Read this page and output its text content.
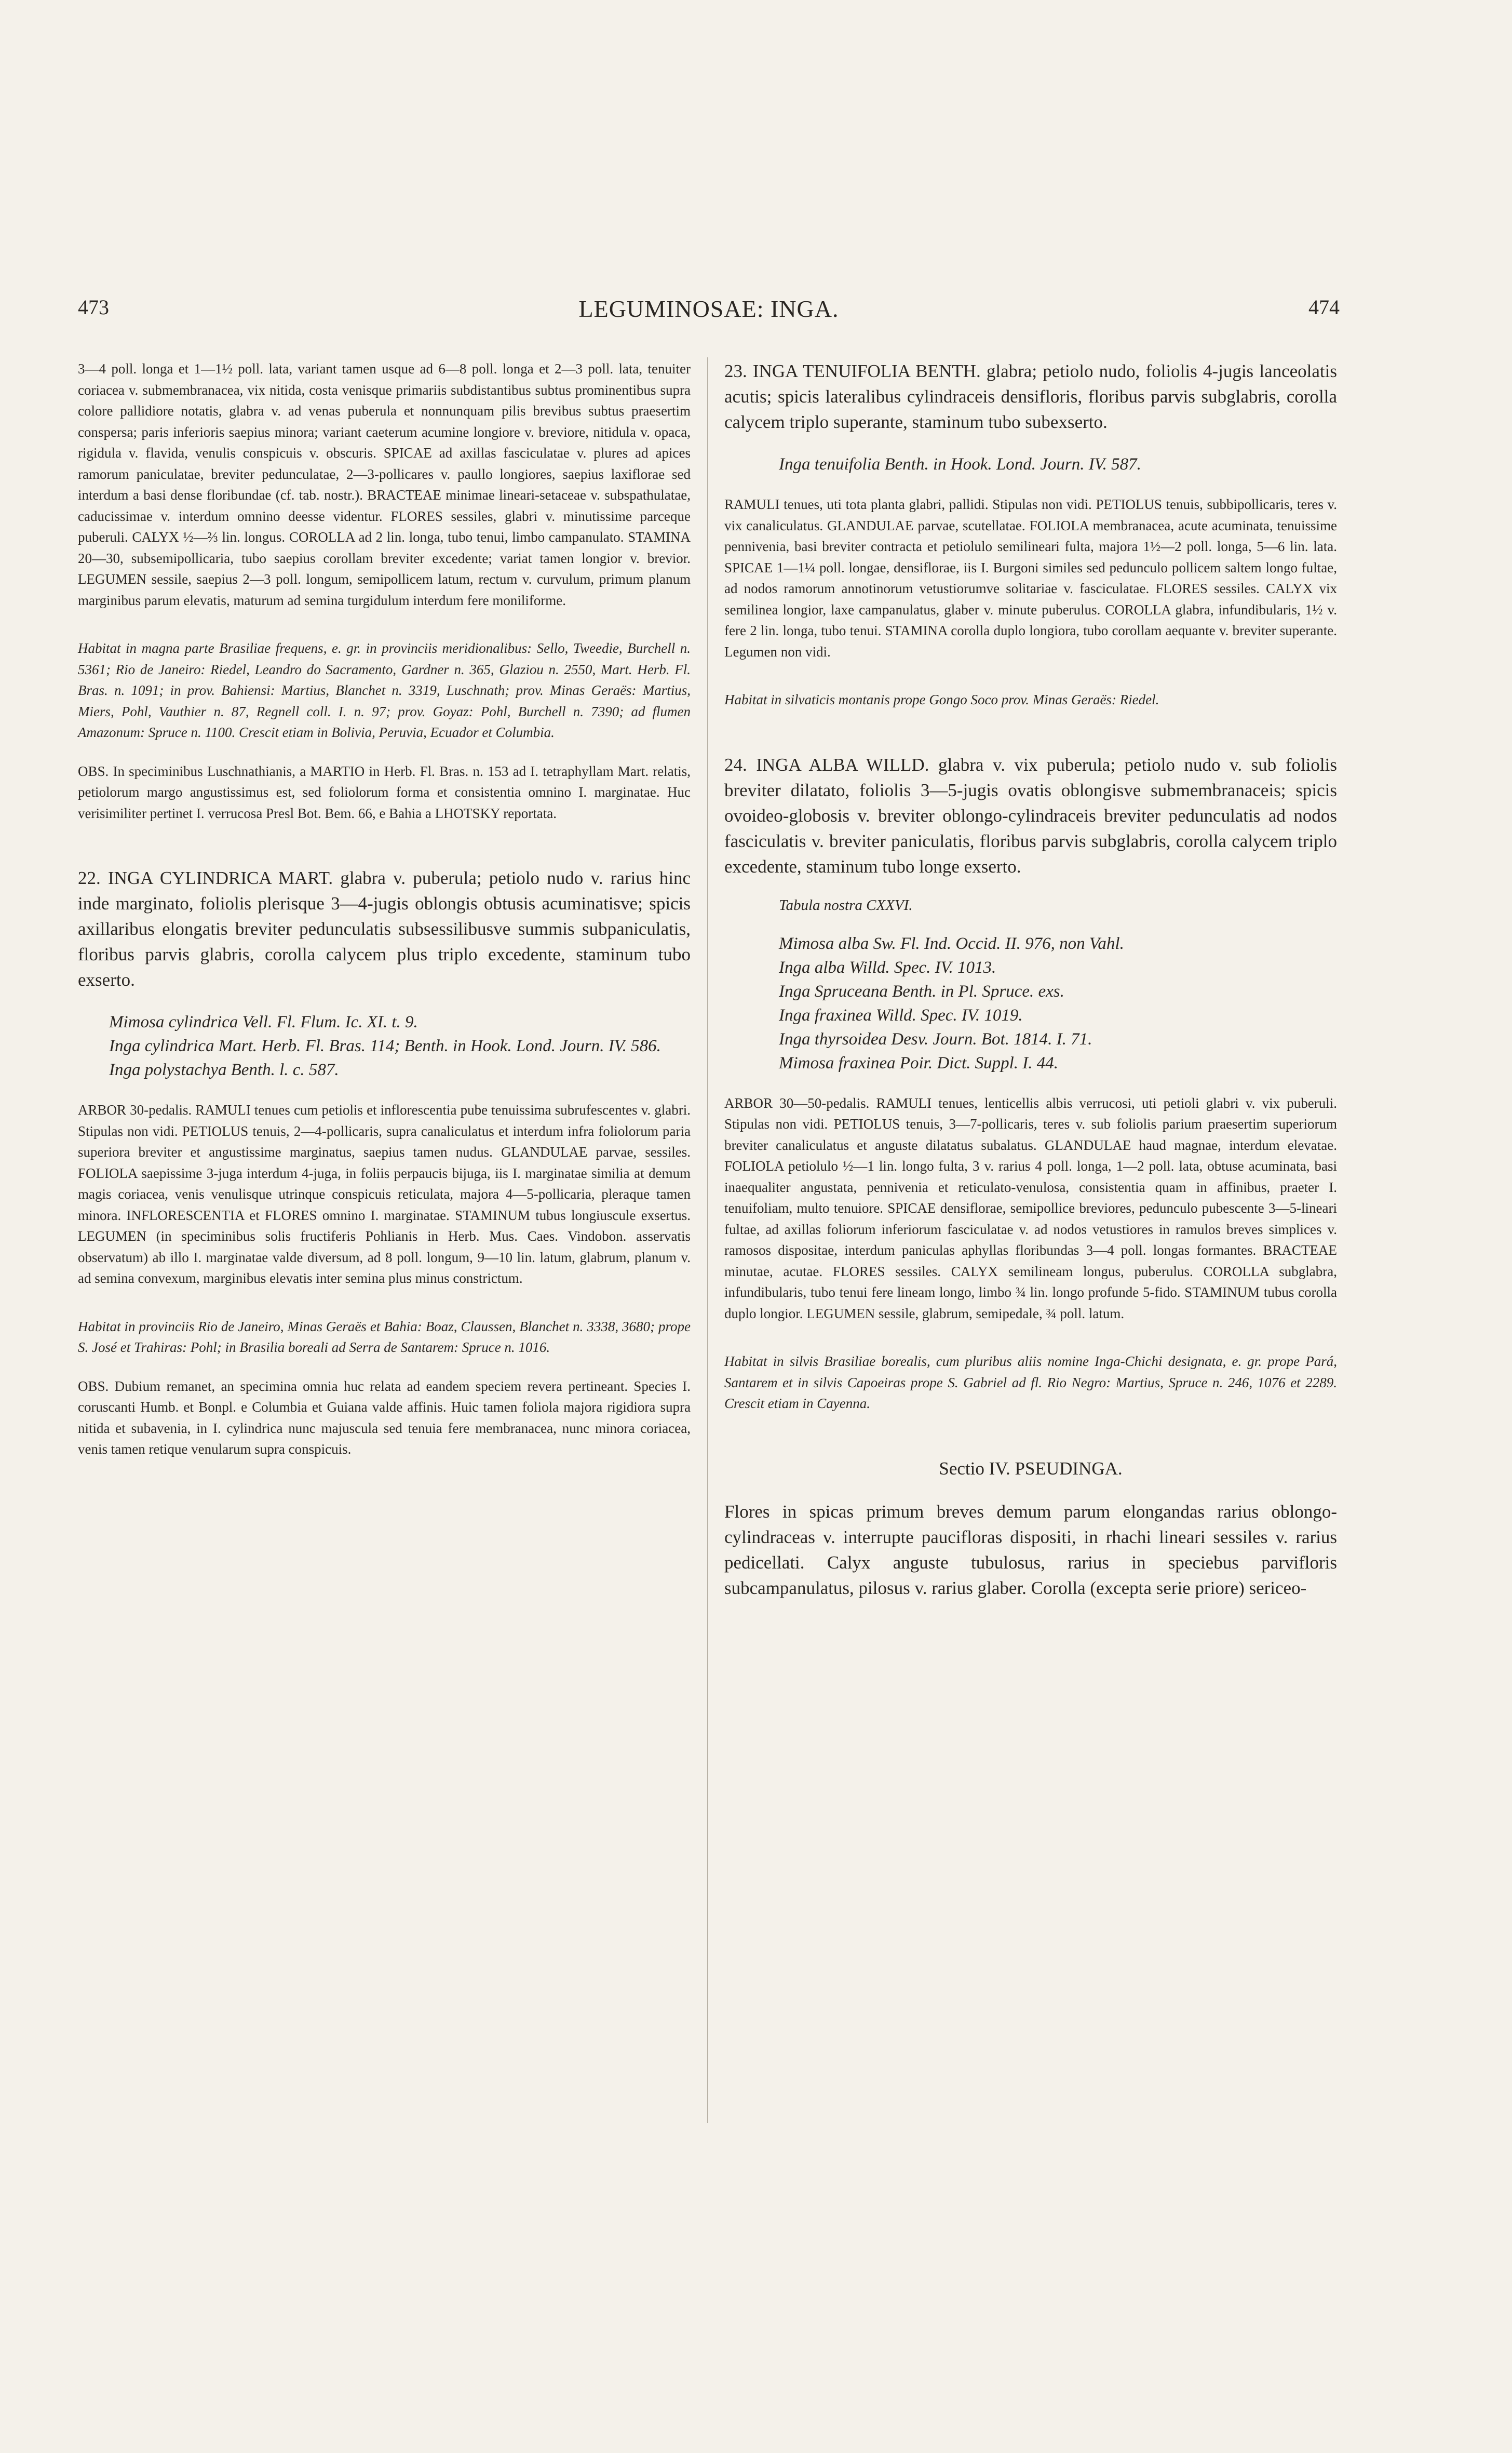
473	LEGUMINOSAE: INGA.	474

3—4 poll. longa et 1—1½ poll. lata, variant tamen usque ad 6—8 poll. longa et 2—3 poll. lata, tenuiter coriacea v. submembranacea, vix nitida, costa venisque primariis subdistantibus subtus prominentibus supra colore pallidiore notatis, glabra v. ad venas puberula et nonnunquam pilis brevibus subtus praesertim conspersa; paris inferioris saepius minora; variant caeterum acumine longiore v. breviore, nitidula v. opaca, rigidula v. flavida, venulis conspicuis v. obscuris. SPICAE ad axillas fasciculatae v. plures ad apices ramorum paniculatae, breviter pedunculatae, 2—3-pollicares v. paullo longiores, saepius laxiflorae sed interdum a basi dense floribundae (cf. tab. nostr.). BRACTEAE minimae lineari-setaceae v. subspathulatae, caducissimae v. interdum omnino deesse videntur. FLORES sessiles, glabri v. minutissime parceque puberuli. CALYX ½—⅔ lin. longus. COROLLA ad 2 lin. longa, tubo tenui, limbo campanulato. STAMINA 20—30, subsemipollicaria, tubo saepius corollam breviter excedente; variat tamen longior v. brevior. LEGUMEN sessile, saepius 2—3 poll. longum, semipollicem latum, rectum v. curvulum, primum planum marginibus parum elevatis, maturum ad semina turgidulum interdum fere moniliforme.

Habitat in magna parte Brasiliae frequens, e. gr. in provinciis meridionalibus: Sello, Tweedie, Burchell n. 5361; Rio de Janeiro: Riedel, Leandro do Sacramento, Gardner n. 365, Glaziou n. 2550, Mart. Herb. Fl. Bras. n. 1091; in prov. Bahiensi: Martius, Blanchet n. 3319, Luschnath; prov. Minas Geraës: Martius, Miers, Pohl, Vauthier n. 87, Regnell coll. I. n. 97; prov. Goyaz: Pohl, Burchell n. 7390; ad flumen Amazonum: Spruce n. 1100. Crescit etiam in Bolivia, Peruvia, Ecuador et Columbia.

OBS. In speciminibus Luschnathianis, a MARTIO in Herb. Fl. Bras. n. 153 ad I. tetraphyllam Mart. relatis, petiolorum margo angustissimus est, sed foliolorum forma et consistentia omnino I. marginatae. Huc verisimiliter pertinet I. verrucosa Presl Bot. Bem. 66, e Bahia a LHOTSKY reportata.

22. INGA CYLINDRICA MART. glabra v. puberula; petiolo nudo v. rarius hinc inde marginato, foliolis plerisque 3—4-jugis oblongis obtusis acuminatisve; spicis axillaribus elongatis breviter pedunculatis subsessilibusve summis subpaniculatis, floribus parvis glabris, corolla calycem plus triplo excedente, staminum tubo exserto.

Mimosa cylindrica Vell. Fl. Flum. Ic. XI. t. 9.

Inga cylindrica Mart. Herb. Fl. Bras. 114; Benth. in Hook. Lond. Journ. IV. 586.

Inga polystachya Benth. l. c. 587.

ARBOR 30-pedalis. RAMULI tenues cum petiolis et inflorescentia pube tenuissima subrufescentes v. glabri. Stipulas non vidi. PETIOLUS tenuis, 2—4-pollicaris, supra canaliculatus et interdum infra foliolorum paria superiora breviter et angustissime marginatus, saepius tamen nudus. GLANDULAE parvae, sessiles. FOLIOLA saepissime 3-juga interdum 4-juga, in foliis perpaucis bijuga, iis I. marginatae similia at demum magis coriacea, venis venulisque utrinque conspicuis reticulata, majora 4—5-pollicaria, pleraque tamen minora. INFLORESCENTIA et FLORES omnino I. marginatae. STAMINUM tubus longiuscule exsertus. LEGUMEN (in speciminibus solis fructiferis Pohlianis in Herb. Mus. Caes. Vindobon. asservatis observatum) ab illo I. marginatae valde diversum, ad 8 poll. longum, 9—10 lin. latum, glabrum, planum v. ad semina convexum, marginibus elevatis inter semina plus minus constrictum.

Habitat in provinciis Rio de Janeiro, Minas Geraës et Bahia: Boaz, Claussen, Blanchet n. 3338, 3680; prope S. José et Trahiras: Pohl; in Brasilia boreali ad Serra de Santarem: Spruce n. 1016.

OBS. Dubium remanet, an specimina omnia huc relata ad eandem speciem revera pertineant. Species I. coruscanti Humb. et Bonpl. e Columbia et Guiana valde affinis. Huic tamen foliola majora rigidiora supra nitida et subavenia, in I. cylindrica nunc majuscula sed tenuia fere membranacea, nunc minora coriacea, venis tamen retique venularum supra conspicuis.

23. INGA TENUIFOLIA BENTH. glabra; petiolo nudo, foliolis 4-jugis lanceolatis acutis; spicis lateralibus cylindraceis densifloris, floribus parvis subglabris, corolla calycem triplo superante, staminum tubo subexserto.

Inga tenuifolia Benth. in Hook. Lond. Journ. IV. 587.

RAMULI tenues, uti tota planta glabri, pallidi. Stipulas non vidi. PETIOLUS tenuis, subbipollicaris, teres v. vix canaliculatus. GLANDULAE parvae, scutellatae. FOLIOLA membranacea, acute acuminata, tenuissime pennivenia, basi breviter contracta et petiolulo semilineari fulta, majora 1½—2 poll. longa, 5—6 lin. lata. SPICAE 1—1¼ poll. longae, densiflorae, iis I. Burgoni similes sed pedunculo pollicem saltem longo fultae, ad nodos ramorum annotinorum vetustiorumve solitariae v. fasciculatae. FLORES sessiles. CALYX vix semilinea longior, laxe campanulatus, glaber v. minute puberulus. COROLLA glabra, infundibularis, 1½ v. fere 2 lin. longa, tubo tenui. STAMINA corolla duplo longiora, tubo corollam aequante v. breviter superante. Legumen non vidi.

Habitat in silvaticis montanis prope Gongo Soco prov. Minas Geraës: Riedel.

24. INGA ALBA WILLD. glabra v. vix puberula; petiolo nudo v. sub foliolis breviter dilatato, foliolis 3—5-jugis ovatis oblongisve submembranaceis; spicis ovoideo-globosis v. breviter oblongo-cylindraceis breviter pedunculatis ad nodos fasciculatis v. breviter paniculatis, floribus parvis subglabris, corolla calycem triplo excedente, staminum tubo longe exserto.

Tabula nostra CXXVI.

Mimosa alba Sw. Fl. Ind. Occid. II. 976, non Vahl.

Inga alba Willd. Spec. IV. 1013.

Inga Spruceana Benth. in Pl. Spruce. exs.

Inga fraxinea Willd. Spec. IV. 1019.

Inga thyrsoidea Desv. Journ. Bot. 1814. I. 71.

Mimosa fraxinea Poir. Dict. Suppl. I. 44.

ARBOR 30—50-pedalis. RAMULI tenues, lenticellis albis verrucosi, uti petioli glabri v. vix puberuli. Stipulas non vidi. PETIOLUS tenuis, 3—7-pollicaris, teres v. sub foliolis parium praesertim superiorum breviter canaliculatus et anguste dilatatus subalatus. GLANDULAE haud magnae, interdum elevatae. FOLIOLA petiolulo ½—1 lin. longo fulta, 3 v. rarius 4 poll. longa, 1—2 poll. lata, obtuse acuminata, basi inaequaliter angustata, pennivenia et reticulato-venulosa, consistentia quam in affinibus, praeter I. tenuifoliam, multo tenuiore. SPICAE densiflorae, semipollice breviores, pedunculo pubescente 3—5-lineari fultae, ad axillas foliorum inferiorum fasciculatae v. ad nodos vetustiores in ramulos breves simplices v. ramosos dispositae, interdum paniculas aphyllas floribundas 3—4 poll. longas formantes. BRACTEAE minutae, acutae. FLORES sessiles. CALYX semilineam longus, puberulus. COROLLA subglabra, infundibularis, tubo tenui fere lineam longo, limbo ¾ lin. longo profunde 5-fido. STAMINUM tubus corolla duplo longior. LEGUMEN sessile, glabrum, semipedale, ¾ poll. latum.

Habitat in silvis Brasiliae borealis, cum pluribus aliis nomine Inga-Chichi designata, e. gr. prope Pará, Santarem et in silvis Capoeiras prope S. Gabriel ad fl. Rio Negro: Martius, Spruce n. 246, 1076 et 2289. Crescit etiam in Cayenna.

Sectio IV. PSEUDINGA.

Flores in spicas primum breves demum parum elongandas rarius oblongo-cylindraceas v. interrupte paucifloras dispositi, in rhachi lineari sessiles v. rarius pedicellati. Calyx anguste tubulosus, rarius in speciebus parvifloris subcampanulatus, pilosus v. rarius glaber. Corolla (excepta serie priore) sericeo-
